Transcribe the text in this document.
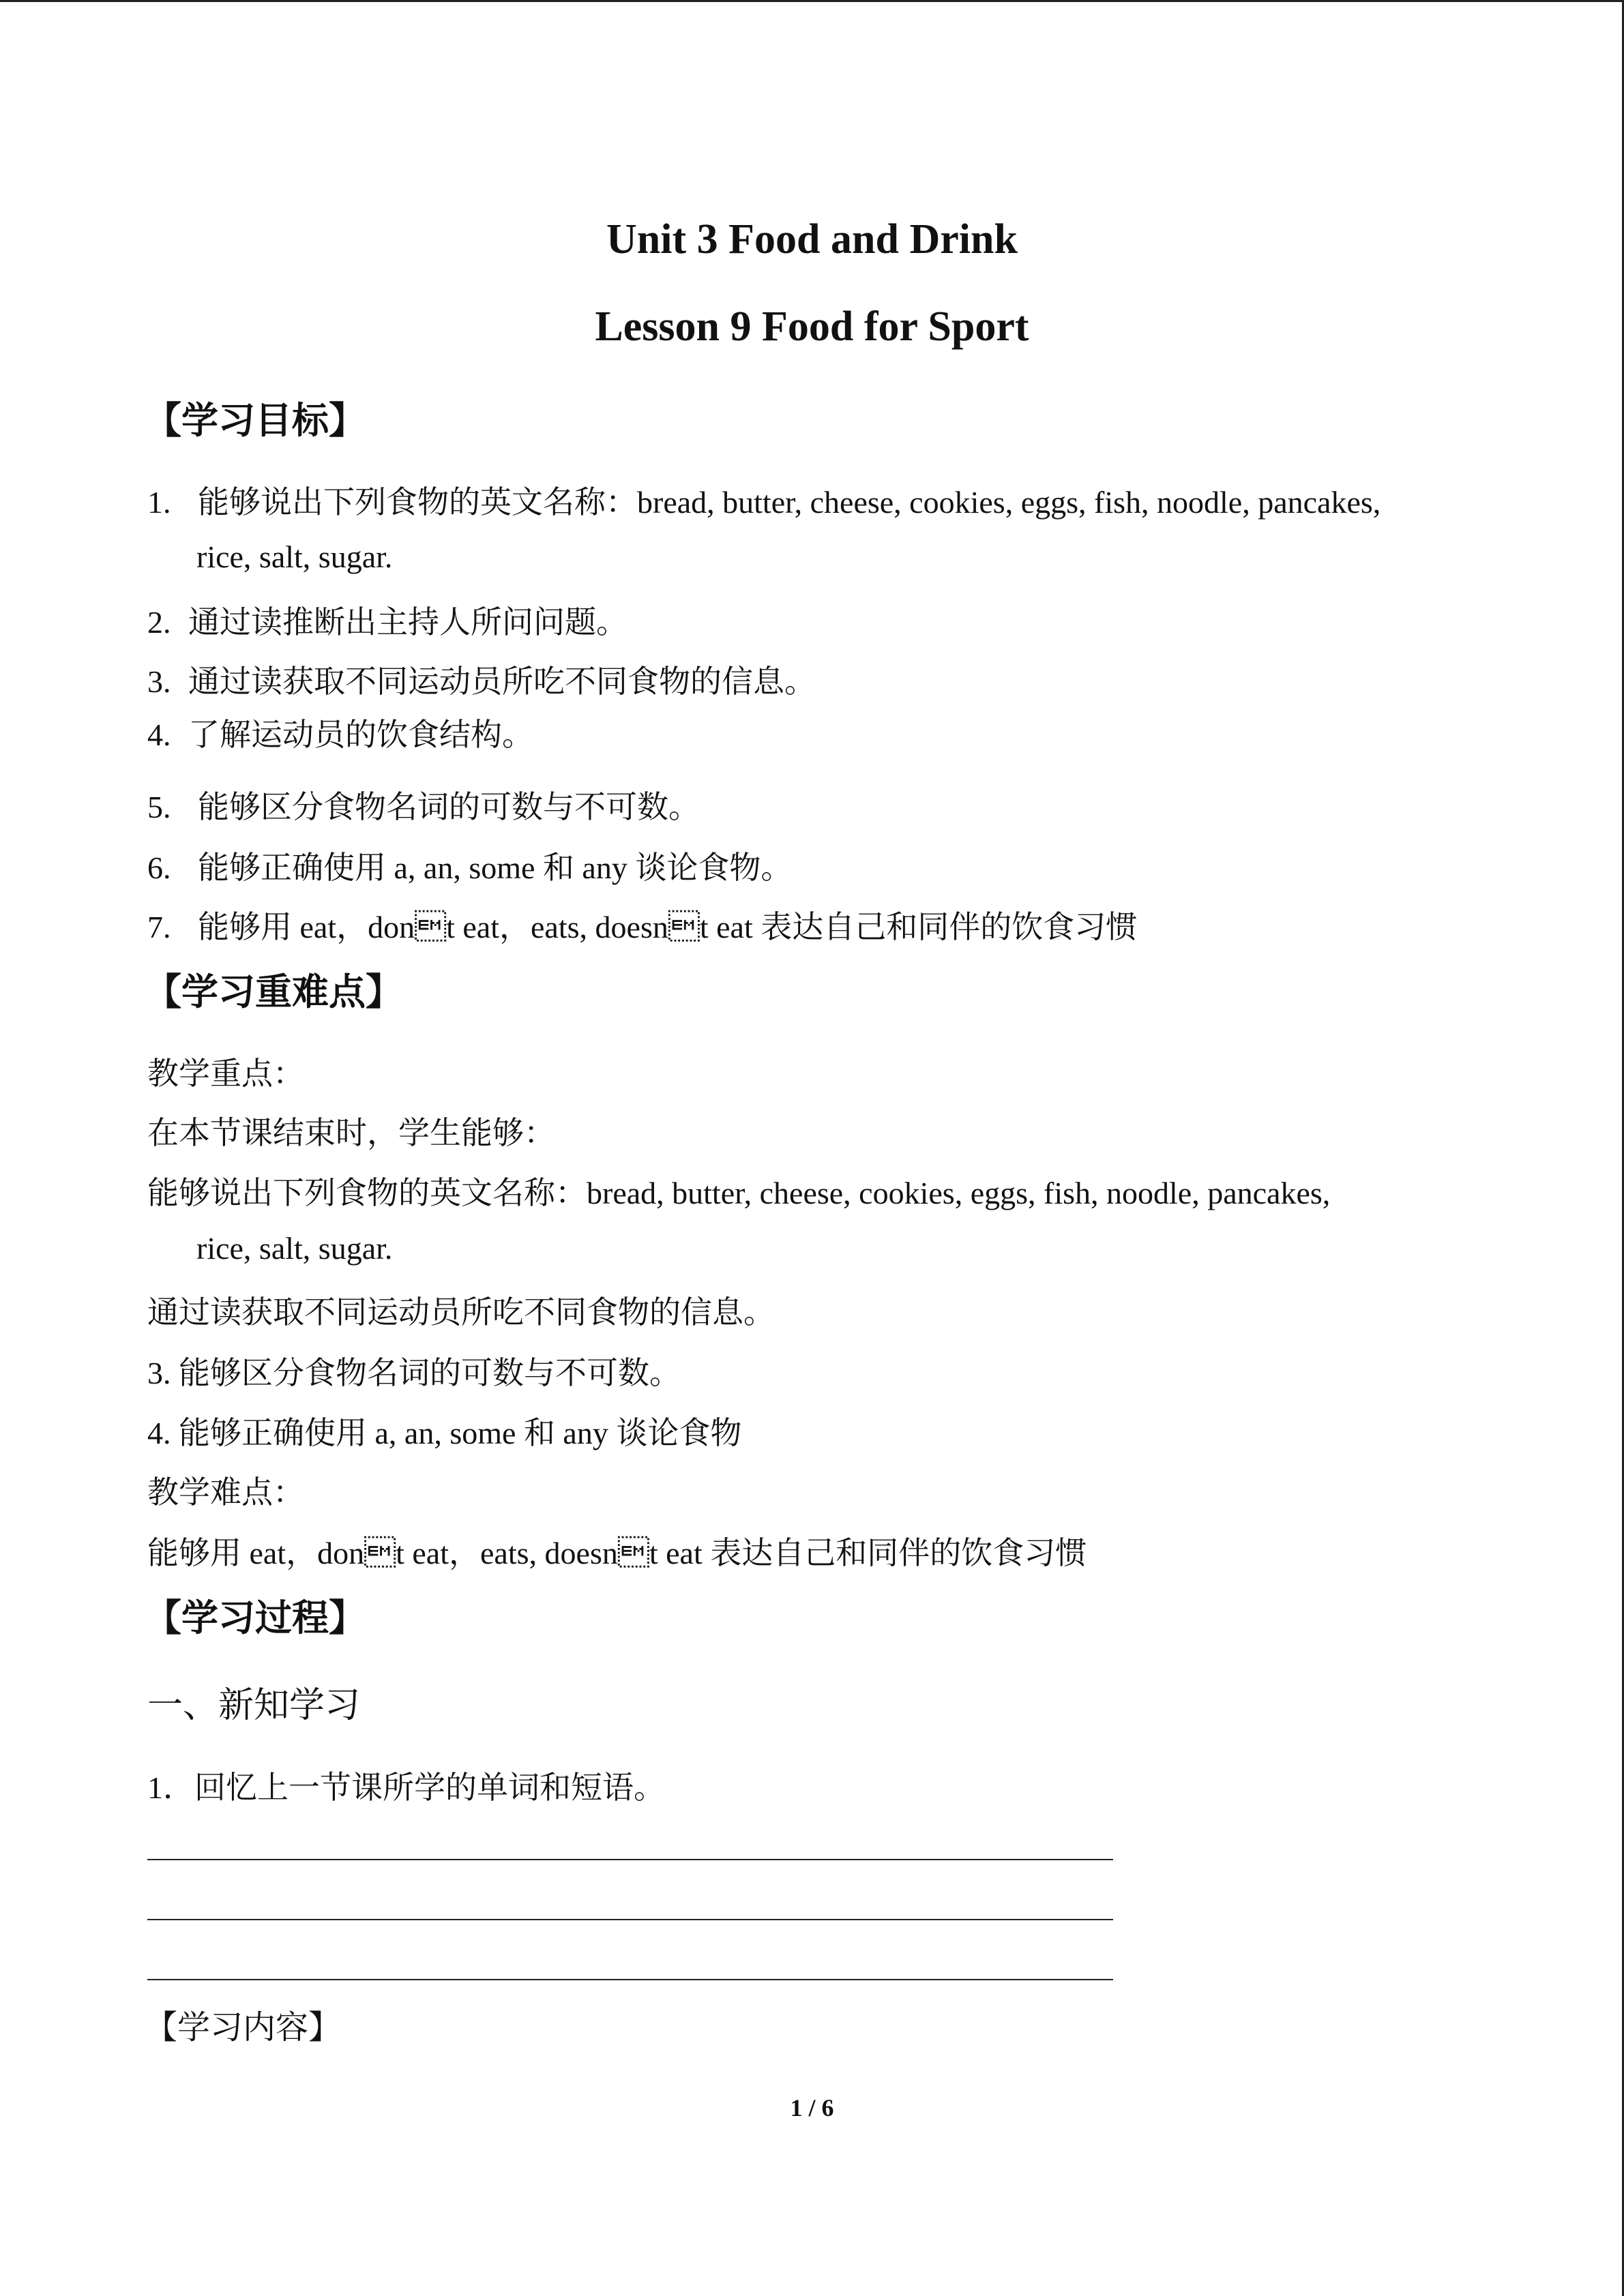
Unit 3 Food and Drink
Lesson 9 Food for Sport
【学习目标】
1. 能够说出下列食物的英文名称：bread, butter, cheese, cookies, eggs, fish, noodle, pancakes,
rice, salt, sugar.
2. 通过读推断出主持人所问问题。
3. 通过读获取不同运动员所吃不同食物的信息。
4. 了解运动员的饮食结构。
5. 能够区分食物名词的可数与不可数。
6. 能够正确使用 a, an, some 和 any 谈论食物。
7. 能够用 eat，dont eat，eats, doesnt eat 表达自己和同伴的饮食习惯
【学习重难点】
教学重点：
在本节课结束时，学生能够：
能够说出下列食物的英文名称：bread, butter, cheese, cookies, eggs, fish, noodle, pancakes,
rice, salt, sugar.
通过读获取不同运动员所吃不同食物的信息。
3. 能够区分食物名词的可数与不可数。
4. 能够正确使用 a, an, some 和 any 谈论食物
教学难点：
能够用 eat，dont eat，eats, doesnt eat 表达自己和同伴的饮食习惯
【学习过程】
一、新知学习
1．回忆上一节课所学的单词和短语。
【学习内容】
1 / 6
